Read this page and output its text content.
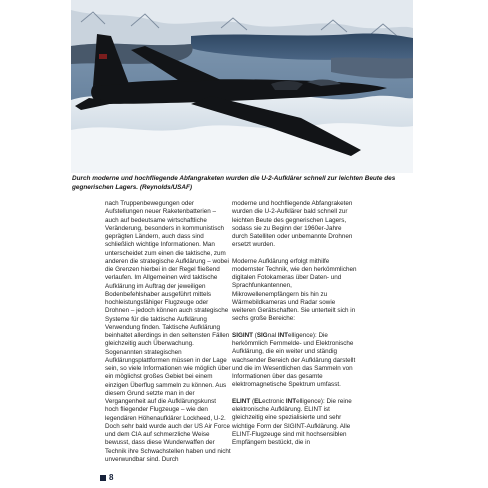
Durch moderne und hochfliegende Abfangraketen wurden die U-2-Aufklärer schnell zur leichten Beute des gegnerischen Lagers. (Reynolds/USAF)

nach Truppenbewegungen oder Aufstellungen neuer Raketenbatterien – auch auf bedeutsame wirtschaftliche Veränderung, besonders in kommunistisch geprägten Ländern, auch dass sind schließlich wichtige Informationen. Man unterscheidet zum einen die taktische, zum anderen die strategische Aufklärung – wobei die Grenzen hierbei in der Regel fließend verlaufen. Im Allgemeinen wird taktische Aufklärung im Auftrag der jeweiligen Bodenbefehlshaber ausgeführt mittels hochleistungsfähiger Flugzeuge oder Drohnen – jedoch können auch strategische Systeme für die taktische Aufklärung Verwendung finden. Taktische Aufklärung beinhaltet allerdings in den seltensten Fällen gleichzeitig auch Überwachung. Sogenannten strategischen Aufklärungsplattformen müssen in der Lage sein, so viele Informationen wie möglich über ein möglichst großes Gebiet bei einem einzigen Überflug sammeln zu können. Aus diesem Grund setzte man in der Vergangenheit auf die Aufklärungskunst hoch fliegender Flugzeuge – wie den legendären Höhenaufklärer Lockheed, U-2. Doch sehr bald wurde auch der US Air Force und dem CIA auf schmerzliche Weise bewusst, dass diese Wunderwaffen der Technik ihre Schwachstellen haben und nicht unverwundbar sind. Durch

moderne und hochfliegende Abfangraketen wurden die U-2-Aufklärer bald schnell zur leichten Beute des gegnerischen Lagers, sodass sie zu Beginn der 1960er-Jahre durch Satelliten oder unbemannte Drohnen ersetzt wurden.

Moderne Aufklärung erfolgt mithilfe modernster Technik, wie den herkömmlichen digitalen Fotokameras über Daten- und Sprachfunkantennen, Mikrowellenempfängern bis hin zu Wärmebildkameras und Radar sowie weiteren Gerätschaften. Sie unterteilt sich in sechs große Bereiche:

SIGINT (SIGnal INTelligence): Die herkömmlich Fernmelde- und Elektronische Aufklärung, die ein weiter und ständig wachsender Bereich der Aufklärung darstellt und die im Wesentlichen das Sammeln von Informationen über das gesamte elektromagnetische Spektrum umfasst.

ELINT (ELectronic INTelligence): Die reine elektronische Aufklärung. ELINT ist gleichzeitig eine spezialisierte und sehr wichtige Form der SIGINT-Aufklärung. Alle ELINT-Flugzeuge sind mit hochsensiblen Empfängern bestückt, die in

8
